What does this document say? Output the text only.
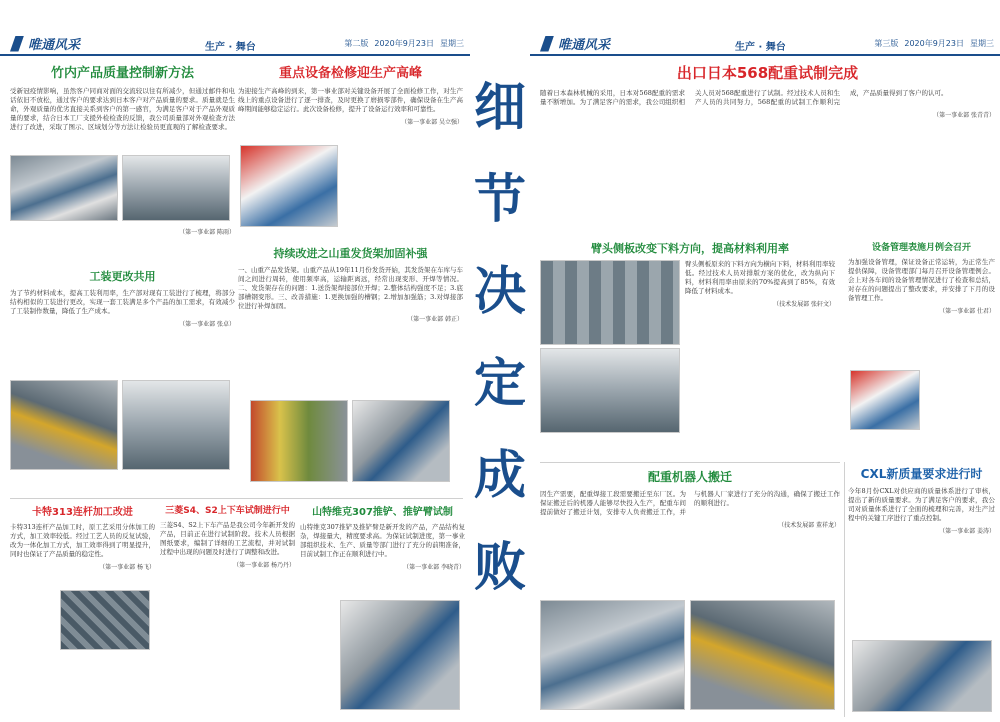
唯通风采	生产 · 舞台	第二版 2020年9月23日 星期三
竹内产品质量控制新方法
受新冠疫情影响，虽然客户同商对面的交流较以往有所减少，但通过邮件和电话依旧不放松，通过客户的要求达到日本客户对产品质量的要求。质量就是生命，外观质量的优劣直接关系到客户的第一感官，为满足客户对于产品外观质量的要求，结合日本工厂支援外检检查的反馈，我公司质量部对外观检查方法进行了改进，采取了图示、区域划分等方法让检验员更直观的了解检查要求。
（第一事业部 陈雨）
重点设备检修迎生产高峰
为迎接生产高峰的到来，第一事业部对关键设备开展了全面检修工作，对生产线上的重点设备进行了逐一排查，及时更换了磨损零部件，确保设备在生产高峰期间能够稳定运行。此次设备检修，提升了设备运行效率和可靠性。
（第一事业部 吴立强）
工装更改共用
为了节约材料成本，提高工装利用率，生产部对现有工装进行了梳理，将部分结构相似的工装进行更改，实现一套工装满足多个产品的加工需求，有效减少了工装制作数量，降低了生产成本。
（第一事业部 张卓）
持续改进之山重发货架加固补强
一、山重产品发货架。山重产品从19年11月份发货开始，其发货架在车库与车间之间进行周转，使用频率高，运输距离远，经常出现变形、开焊等情况。二、发货架存在的问题：1.送货架焊接部位开焊；2.整体结构强度不足；3.底部槽钢变形。三、改善措施：1.更换加强的槽钢；2.增加加强筋；3.对焊接部位进行补焊加固。
（第一事业部 韩正）
卡特313连杆加工改进
卡特313连杆产品加工时，原工艺采用分体加工的方式，加工效率较低。经过工艺人员的反复试验，改为一体化加工方式，加工效率得到了明显提升，同时也保证了产品质量的稳定性。
（第一事业部 杨飞）
三菱S4、S2上下车试制进行中
三菱S4、S2上下车产品是我公司今年新开发的产品，目前正在进行试制阶段。技术人员根据图纸要求，编制了详细的工艺流程，并对试制过程中出现的问题及时进行了调整和改进。
（第一事业部 杨乃丹）
山特维克307推铲、推铲臂试制
山特维克307推铲及推铲臂是新开发的产品，产品结构复杂，焊接量大，精度要求高。为保证试制进度，第一事业部组织技术、生产、质量等部门进行了充分的前期准备，目前试制工作正在顺利进行中。
（第一事业部 李晓青）
细
节
决
定
成
败
唯通风采	生产 · 舞台	第三版 2020年9月23日 星期三
出口日本568配重试制完成
随着日本森林机械的采用，日本对568配重的需求量不断增加。为了满足客户的需求，我公司组织相关人员对568配重进行了试制。经过技术人员和生产人员的共同努力，568配重的试制工作顺利完成，产品质量得到了客户的认可。
（第一事业部 张青青）
臂头侧板改变下料方向，提高材料利用率
臂头侧板原来的下料方向为横向下料，材料利用率较低。经过技术人员对排版方案的优化，改为纵向下料，材料利用率由原来的70%提高到了85%，有效降低了材料成本。
（技术发展部 张轩文）
设备管理表施月例会召开
为加强设备管理，保证设备正常运转，为正常生产提供保障，设备管理部门每月召开设备管理例会。会上对各车间的设备管理情况进行了检查和总结，对存在的问题提出了整改要求，并安排了下月的设备管理工作。
（第一事业部 仕君）
配重机器人搬迁
因生产需要，配重焊接工段需要搬迁至东厂区。为保证搬迁后的机器人能够尽快投入生产，配重车间提前做好了搬迁计划，安排专人负责搬迁工作，并与机器人厂家进行了充分的沟通，确保了搬迁工作的顺利进行。
（技术发展部 董祥龙）
CXL新质量要求进行时
今年8月份CXL对供应商的质量体系进行了审核，提出了新的质量要求。为了满足客户的要求，我公司对质量体系进行了全面的梳理和完善，对生产过程中的关键工序进行了重点控制。
（第一事业部 姜涛）
